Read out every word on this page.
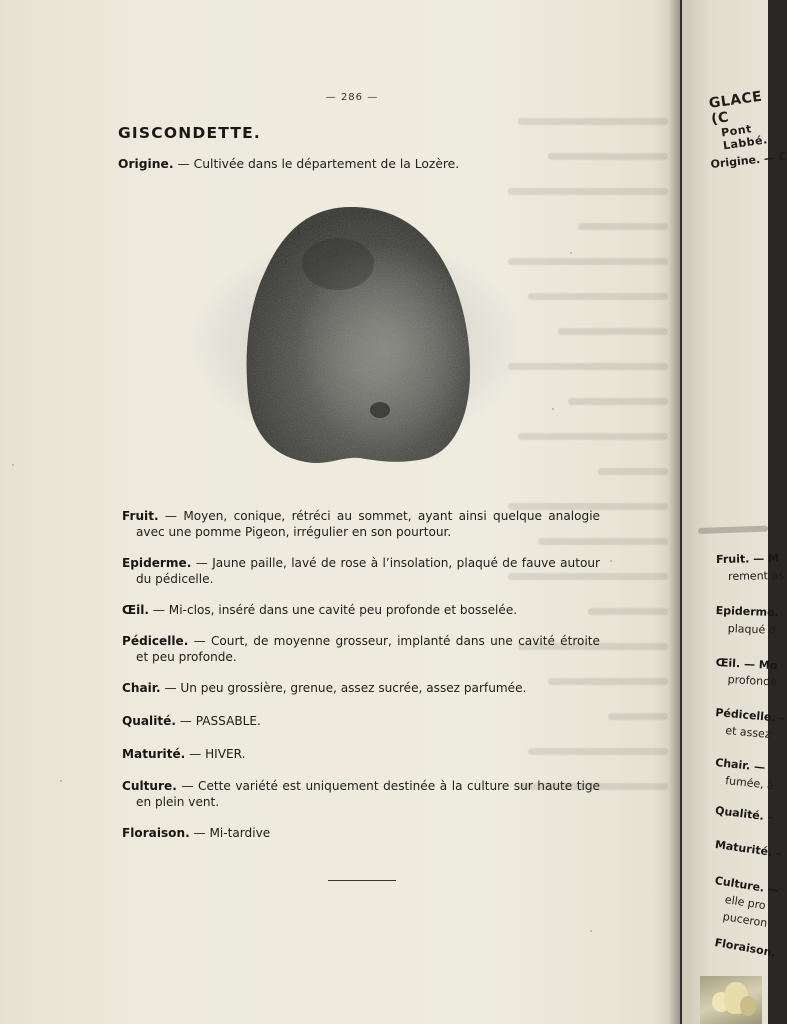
— 286 —
GISCONDETTE.
Origine. — Cultivée dans le département de la Lozère.
Fruit. — Moyen, conique, rétréci au sommet, ayant ainsi quelque analogie avec une pomme Pigeon, irrégulier en son pourtour.
Epiderme. — Jaune paille, lavé de rose à l’insolation, plaqué de fauve autour du pédicelle.
Œil. — Mi-clos, inséré dans une cavité peu profonde et bosselée.
Pédicelle. — Court, de moyenne grosseur, implanté dans une cavité étroite et peu profonde.
Chair. — Un peu grossière, grenue, assez sucrée, assez parfumée.
Qualité. — PASSABLE.
Maturité. — HIVER.
Culture. — Cette variété est uniquement destinée à la culture sur haute tige en plein vent.
Floraison. — Mi-tardive
GLACE (C
Pont Labbé.
Origine. — C
Fruit. — M
rement as
Epiderme.
plaqué d
Œil. — Mo
profonde
Pédicelle. –
et assez
Chair. —
fumée, à
Qualité. –
Maturité. –
Culture. —
elle pro
puceron
Floraison.
